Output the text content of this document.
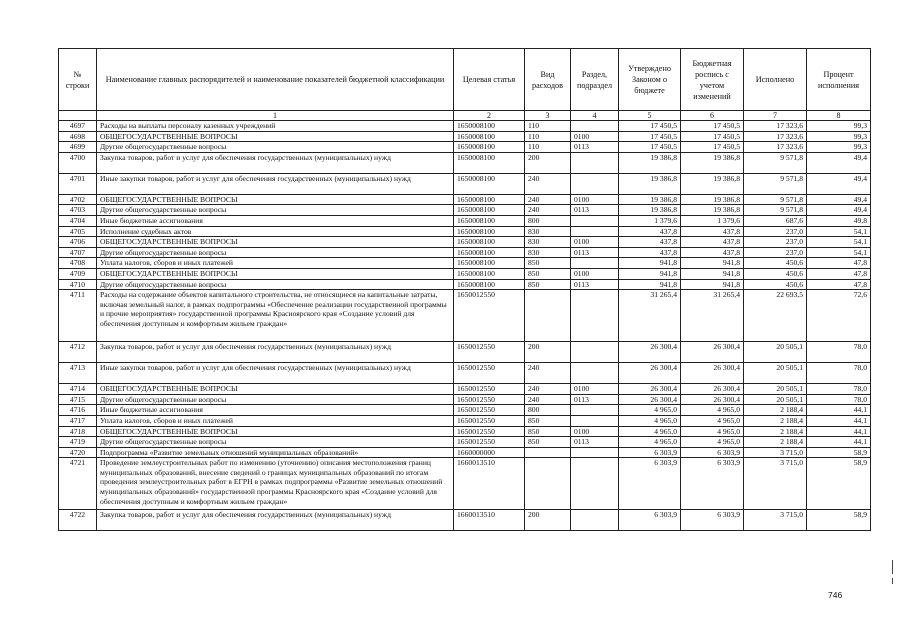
№ строки	Наименование главных распорядителей и наименование показателей бюджетной классификации	Целевая статья	Вид расходов	Раздел, подраздел	Утверждено Законом о бюджете	Бюджетная роспись с учетом изменений	Исполнено	Процент исполнения
	1	2	3	4	5	6	7	8
4697	Расходы на выплаты персоналу казенных учреждений	1650008100	110		17 450,5	17 450,5	17 323,6	99,3
4698	ОБЩЕГОСУДАРСТВЕННЫЕ ВОПРОСЫ	1650008100	110	0100	17 450,5	17 450,5	17 323,6	99,3
4699	Другие общегосударственные вопросы	1650008100	110	0113	17 450,5	17 450,5	17 323,6	99,3
4700	Закупка товаров, работ и услуг для обеспечения государственных (муниципальных) нужд	1650008100	200		19 386,8	19 386,8	9 571,8	49,4
4701	Иные закупки товаров, работ и услуг для обеспечения государственных (муниципальных) нужд	1650008100	240		19 386,8	19 386,8	9 571,8	49,4
4702	ОБЩЕГОСУДАРСТВЕННЫЕ ВОПРОСЫ	1650008100	240	0100	19 386,8	19 386,8	9 571,8	49,4
4703	Другие общегосударственные вопросы	1650008100	240	0113	19 386,8	19 386,8	9 571,8	49,4
4704	Иные бюджетные ассигнования	1650008100	800		1 379,6	1 379,6	687,6	49,8
4705	Исполнение судебных актов	1650008100	830		437,8	437,8	237,0	54,1
4706	ОБЩЕГОСУДАРСТВЕННЫЕ ВОПРОСЫ	1650008100	830	0100	437,8	437,8	237,0	54,1
4707	Другие общегосударственные вопросы	1650008100	830	0113	437,8	437,8	237,0	54,1
4708	Уплата налогов, сборов и иных платежей	1650008100	850		941,8	941,8	450,6	47,8
4709	ОБЩЕГОСУДАРСТВЕННЫЕ ВОПРОСЫ	1650008100	850	0100	941,8	941,8	450,6	47,8
4710	Другие общегосударственные вопросы	1650008100	850	0113	941,8	941,8	450,6	47,8
4711	Расходы на содержание объектов капитального строительства, не относящиеся на капитальные затраты, включая земельный налог, в рамках подпрограммы «Обеспечение реализации государственной программы и прочие мероприятия» государственной программы Красноярского края «Создание условий для обеспечения доступным и комфортным жильем граждан»	1650012550			31 265,4	31 265,4	22 693,5	72,6
4712	Закупка товаров, работ и услуг для обеспечения государственных (муниципальных) нужд	1650012550	200		26 300,4	26 300,4	20 505,1	78,0
4713	Иные закупки товаров, работ и услуг для обеспечения государственных (муниципальных) нужд	1650012550	240		26 300,4	26 300,4	20 505,1	78,0
4714	ОБЩЕГОСУДАРСТВЕННЫЕ ВОПРОСЫ	1650012550	240	0100	26 300,4	26 300,4	20 505,1	78,0
4715	Другие общегосударственные вопросы	1650012550	240	0113	26 300,4	26 300,4	20 505,1	78,0
4716	Иные бюджетные ассигнования	1650012550	800		4 965,0	4 965,0	2 188,4	44,1
4717	Уплата налогов, сборов и иных платежей	1650012550	850		4 965,0	4 965,0	2 188,4	44,1
4718	ОБЩЕГОСУДАРСТВЕННЫЕ ВОПРОСЫ	1650012550	850	0100	4 965,0	4 965,0	2 188,4	44,1
4719	Другие общегосударственные вопросы	1650012550	850	0113	4 965,0	4 965,0	2 188,4	44,1
4720	Подпрограмма «Развитие земельных отношений муниципальных образований»	1660000000			6 303,9	6 303,9	3 715,0	58,9
4721	Проведение землеустроительных работ по изменению (уточнению) описания местоположения границ муниципальных образований, внесение сведений о границах муниципальных образований по итогам проведения землеустроительных работ в ЕГРН в рамках подпрограммы «Развитие земельных отношений муниципальных образований» государственной программы Красноярского края «Создание условий для обеспечения доступным и комфортным жильем граждан»	1660013510			6 303,9	6 303,9	3 715,0	58,9
4722	Закупка товаров, работ и услуг для обеспечения государственных (муниципальных) нужд	1660013510	200		6 303,9	6 303,9	3 715,0	58,9
746
